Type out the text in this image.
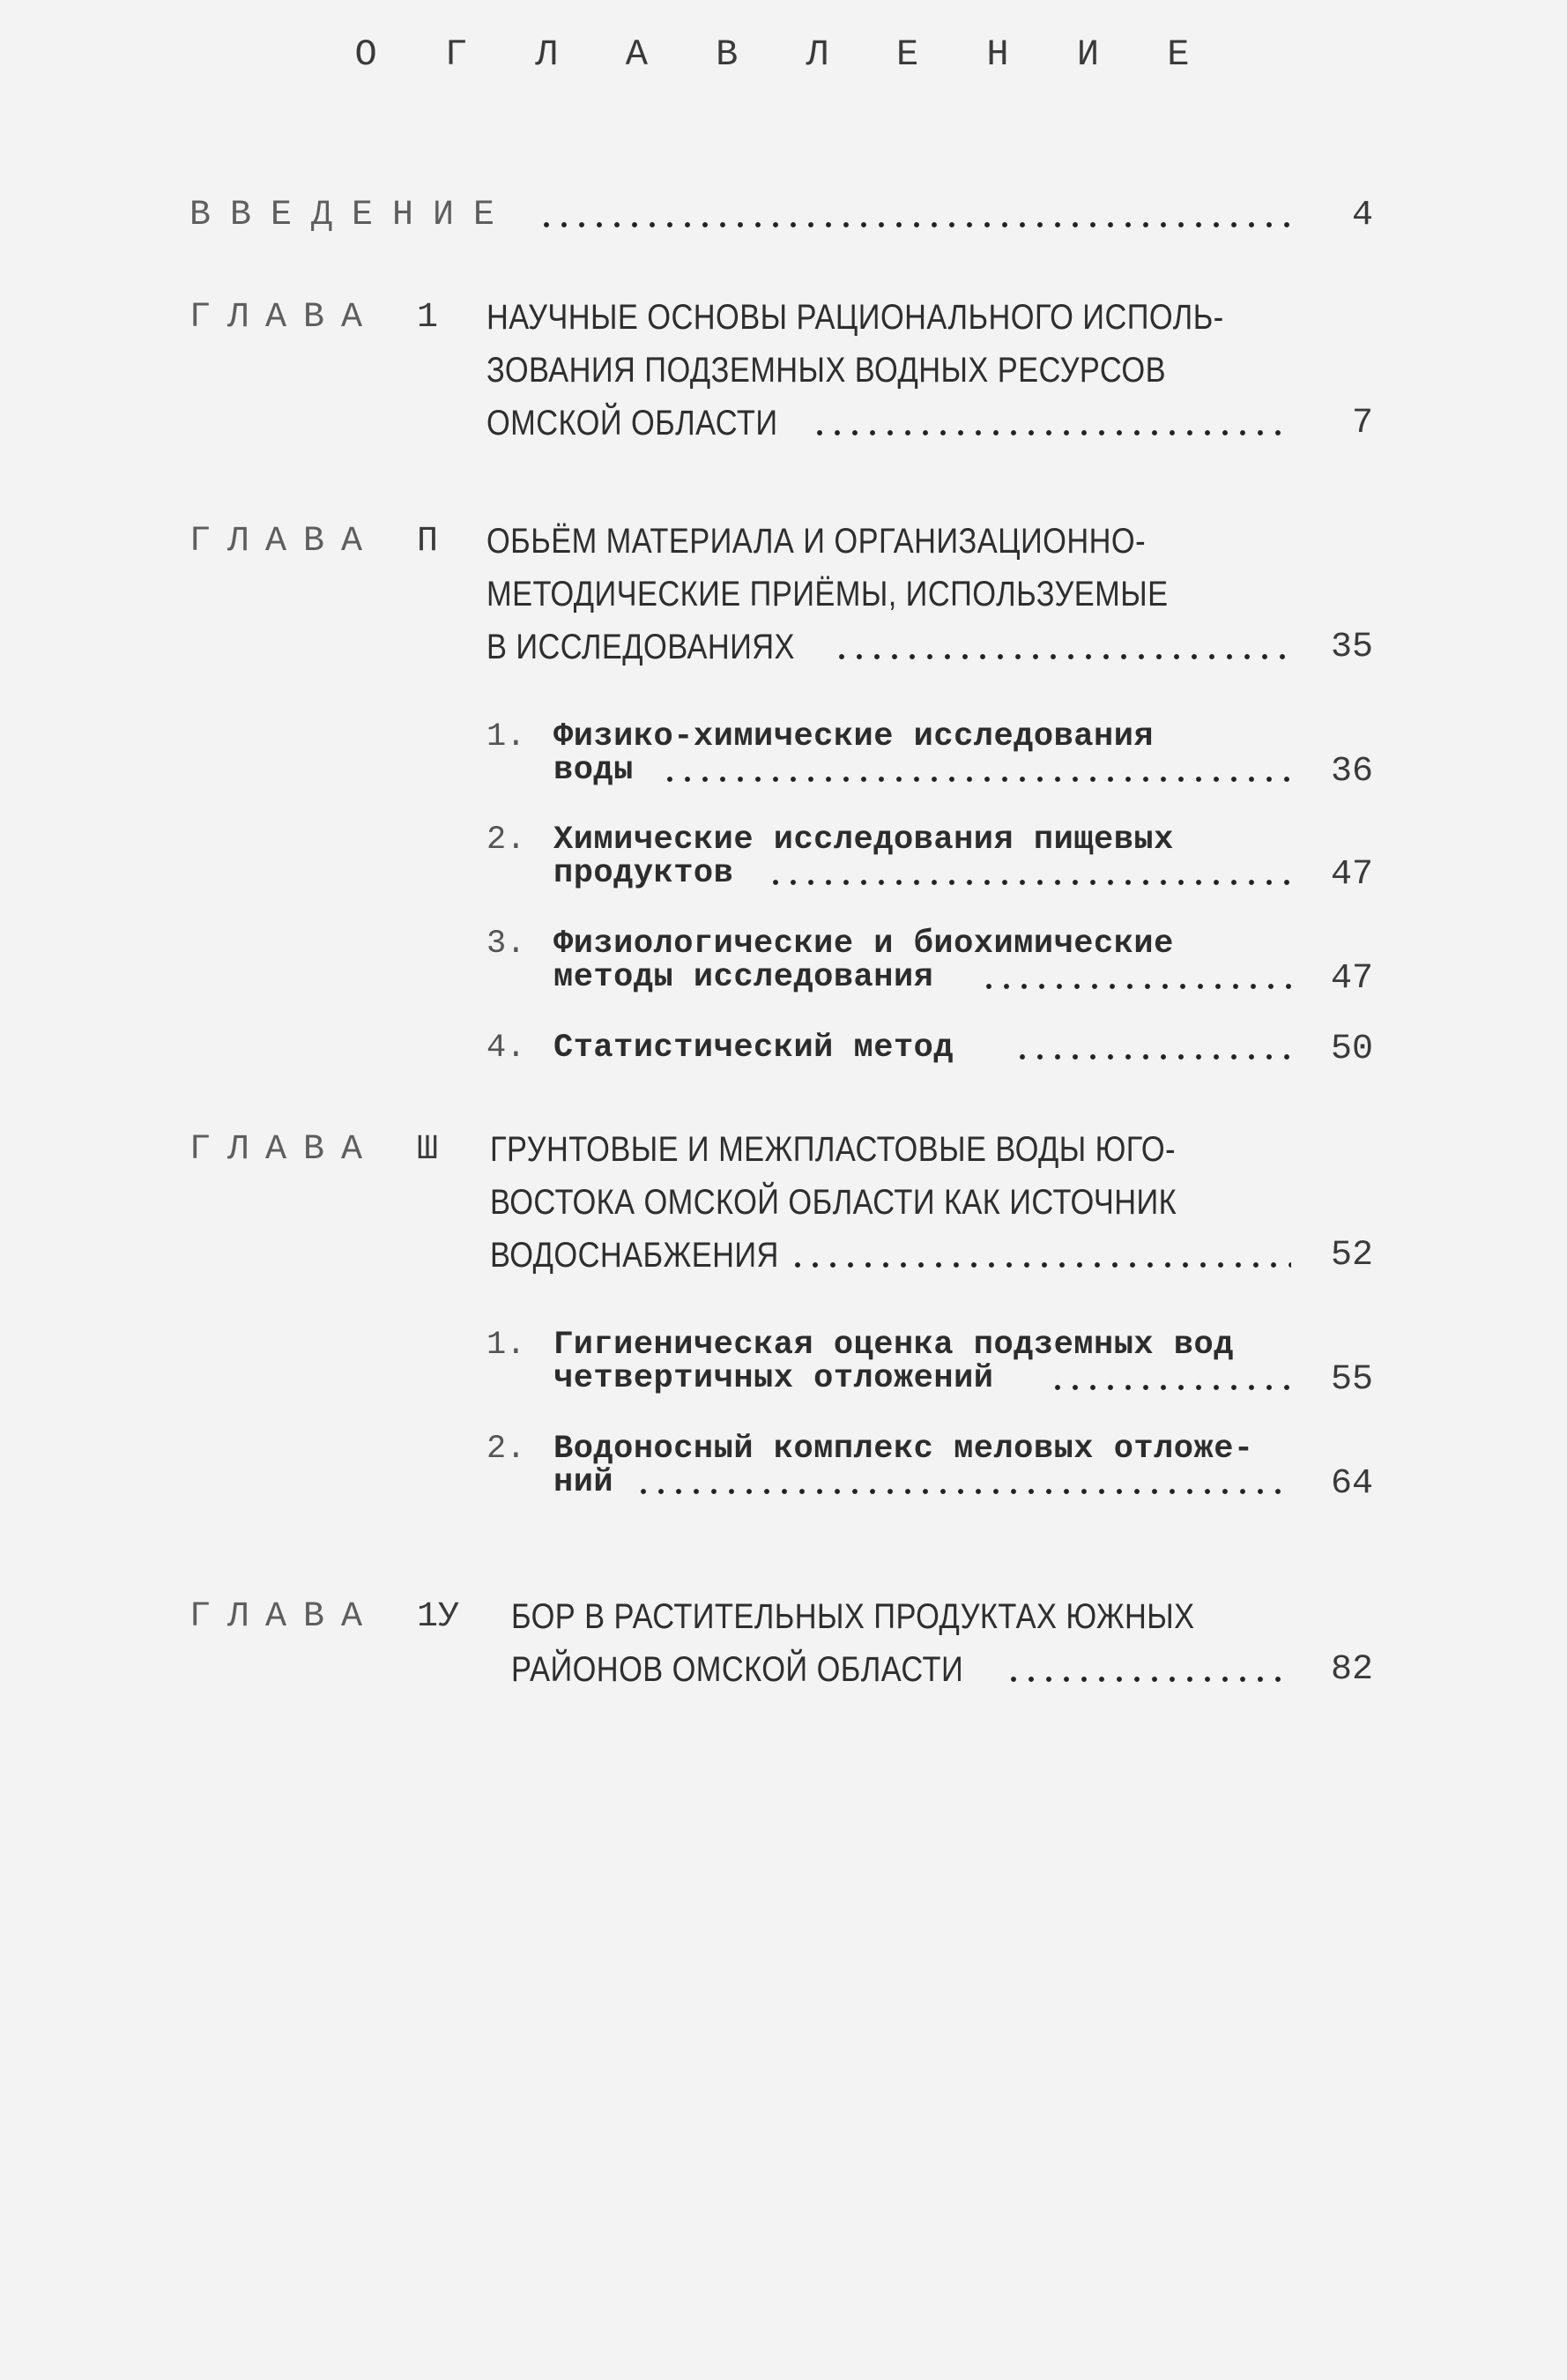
О Г Л А В Л Е Н И Е
ВВЕДЕНИЕ	4
ГЛАВА 1 НАУЧНЫЕ ОСНОВЫ РАЦИОНАЛЬНОГО ИСПОЛЬ-
ЗОВАНИЯ ПОДЗЕМНЫХ ВОДНЫХ РЕСУРСОВ
ОМСКОЙ ОБЛАСТИ	7
ГЛАВА П ОБЬЁМ МАТЕРИАЛА И ОРГАНИЗАЦИОННО-
МЕТОДИЧЕСКИЕ ПРИЁМЫ, ИСПОЛЬЗУЕМЫЕ
В ИССЛЕДОВАНИЯХ	35
1. Физико-химические исследования
воды	36
2. Химические исследования пищевых
продуктов	47
3. Физиологические и биохимические
методы исследования	47
4. Статистический метод	50
ГЛАВА Ш ГРУНТОВЫЕ И МЕЖПЛАСТОВЫЕ ВОДЫ ЮГО-
ВОСТОКА ОМСКОЙ ОБЛАСТИ КАК ИСТОЧНИК
ВОДОСНАБЖЕНИЯ	52
1. Гигиеническая оценка подземных вод
четвертичных отложений	55
2. Водоносный комплекс меловых отложе-
ний	64
ГЛАВА 1У БОР В РАСТИТЕЛЬНЫХ ПРОДУКТАХ ЮЖНЫХ
РАЙОНОВ ОМСКОЙ ОБЛАСТИ	82
